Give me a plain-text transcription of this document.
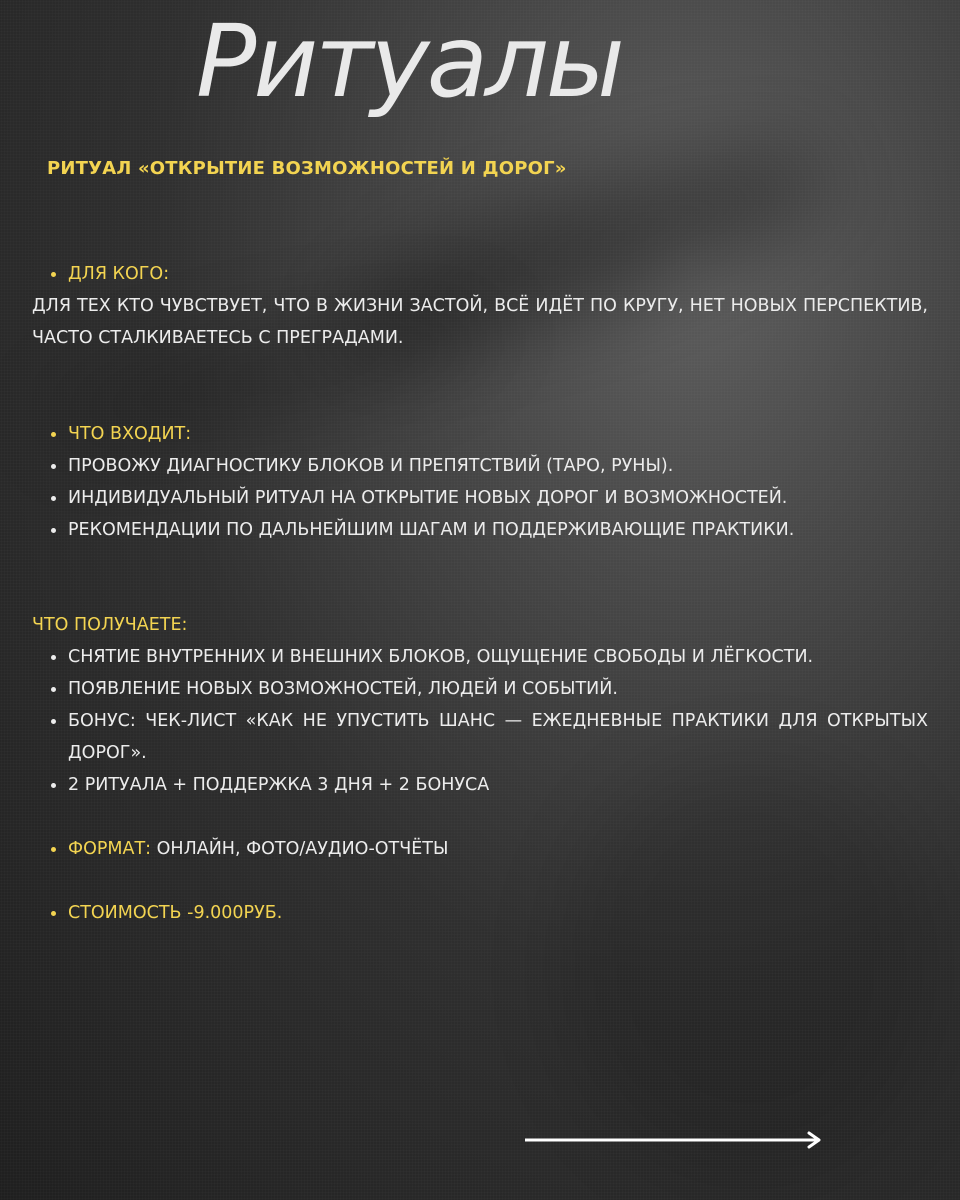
Ритуалы
РИТУАЛ «ОТКРЫТИЕ ВОЗМОЖНОСТЕЙ И ДОРОГ»
ДЛЯ КОГО:
ДЛЯ ТЕХ КТО ЧУВСТВУЕТ, ЧТО В ЖИЗНИ ЗАСТОЙ, ВСЁ ИДЁТ ПО КРУГУ, НЕТ НОВЫХ ПЕРСПЕКТИВ, ЧАСТО СТАЛКИВАЕТЕСЬ С ПРЕГРАДАМИ.
ЧТО ВХОДИТ:
ПРОВОЖУ ДИАГНОСТИКУ БЛОКОВ И ПРЕПЯТСТВИЙ (ТАРО, РУНЫ).
ИНДИВИДУАЛЬНЫЙ РИТУАЛ НА ОТКРЫТИЕ НОВЫХ ДОРОГ И ВОЗМОЖНОСТЕЙ.
РЕКОМЕНДАЦИИ ПО ДАЛЬНЕЙШИМ ШАГАМ И ПОДДЕРЖИВАЮЩИЕ ПРАКТИКИ.
ЧТО ПОЛУЧАЕТЕ:
СНЯТИЕ ВНУТРЕННИХ И ВНЕШНИХ БЛОКОВ, ОЩУЩЕНИЕ СВОБОДЫ И ЛЁГКОСТИ.
ПОЯВЛЕНИЕ НОВЫХ ВОЗМОЖНОСТЕЙ, ЛЮДЕЙ И СОБЫТИЙ.
БОНУС: ЧЕК-ЛИСТ «КАК НЕ УПУСТИТЬ ШАНС — ЕЖЕДНЕВНЫЕ ПРАКТИКИ ДЛЯ ОТКРЫТЫХ ДОРОГ».
2 РИТУАЛА + ПОДДЕРЖКА 3 ДНЯ + 2 БОНУСА
ФОРМАТ: ОНЛАЙН, ФОТО/АУДИО-ОТЧЁТЫ
СТОИМОСТЬ -9.000РУБ.
